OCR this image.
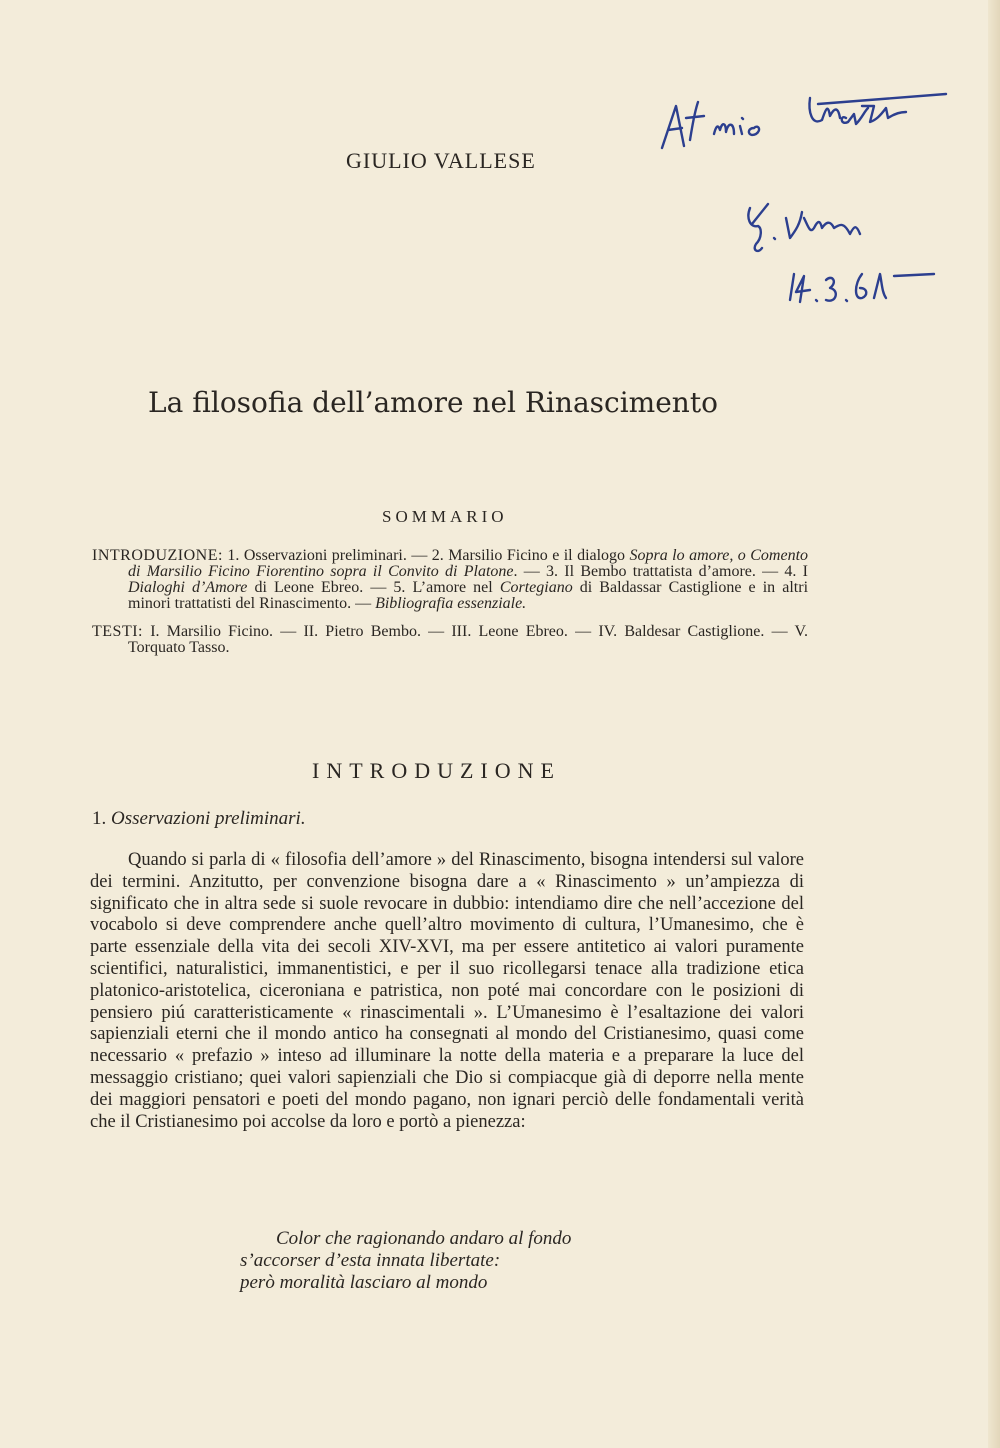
GIULIO VALLESE
La filosofia dell’amore nel Rinascimento
SOMMARIO

INTRODUZIONE: 1. Osservazioni preliminari. — 2. Marsilio Ficino e il dialogo Sopra lo amore, o Comento di Marsilio Ficino Fiorentino sopra il Convito di Platone. — 3. Il Bembo trattatista d’amore. — 4. I Dialoghi d’Amore di Leone Ebreo. — 5. L’amore nel Cortegiano di Baldassar Castiglione e in altri minori trattatisti del Rinascimento. — Bibliografia essenziale.

TESTI: I. Marsilio Ficino. — II. Pietro Bembo. — III. Leone Ebreo. — IV. Baldesar Castiglione. — V. Torquato Tasso.

INTRODUZIONE
1. Osservazioni preliminari.

Quando si parla di « filosofia dell’amore » del Rinascimento, bisogna intendersi sul valore dei termini. Anzitutto, per convenzione bisogna dare a « Rinascimento » un’ampiezza di significato che in altra sede si suole revocare in dubbio: intendiamo dire che nell’accezione del vocabolo si deve comprendere anche quell’altro movimento di cultura, l’Umanesimo, che è parte essenziale della vita dei secoli XIV-XVI, ma per essere antitetico ai valori puramente scientifici, naturalistici, immanentistici, e per il suo ricollegarsi tenace alla tradizione etica platonico-aristotelica, ciceroniana e patristica, non poté mai concordare con le posizioni di pensiero piú caratteristicamente « rinascimentali ». L’Umanesimo è l’esaltazione dei valori sapienziali eterni che il mondo antico ha consegnati al mondo del Cristianesimo, quasi come necessario « prefazio » inteso ad illuminare la notte della materia e a preparare la luce del messaggio cristiano; quei valori sapienziali che Dio si compiacque già di deporre nella mente dei maggiori pensatori e poeti del mondo pagano, non ignari perciò delle fondamentali verità che il Cristianesimo poi accolse da loro e portò a pienezza:

Color che ragionando andaro al fondo
s’accorser d’esta innata libertate:
però moralità lasciaro al mondo
